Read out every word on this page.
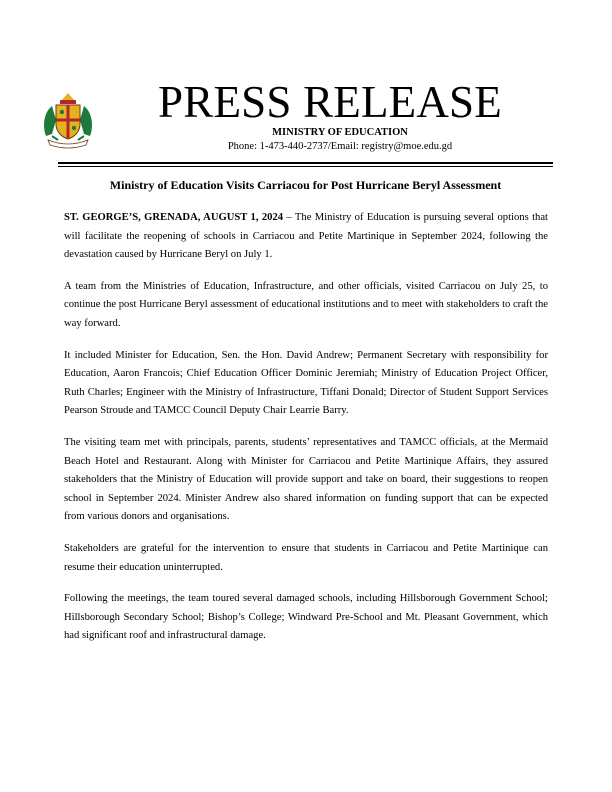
PRESS RELEASE
MINISTRY OF EDUCATION
Phone: 1-473-440-2737/Email: registry@moe.edu.gd
Ministry of Education Visits Carriacou for Post Hurricane Beryl Assessment

ST. GEORGE’S, GRENADA, AUGUST 1, 2024 – The Ministry of Education is pursuing several options that will facilitate the reopening of schools in Carriacou and Petite Martinique in September 2024, following the devastation caused by Hurricane Beryl on July 1.

A team from the Ministries of Education, Infrastructure, and other officials, visited Carriacou on July 25, to continue the post Hurricane Beryl assessment of educational institutions and to meet with stakeholders to craft the way forward.

It included Minister for Education, Sen. the Hon. David Andrew; Permanent Secretary with responsibility for Education, Aaron Francois; Chief Education Officer Dominic Jeremiah; Ministry of Education Project Officer, Ruth Charles; Engineer with the Ministry of Infrastructure, Tiffani Donald; Director of Student Support Services Pearson Stroude and TAMCC Council Deputy Chair Learrie Barry.

The visiting team met with principals, parents, students’ representatives and TAMCC officials, at the Mermaid Beach Hotel and Restaurant. Along with Minister for Carriacou and Petite Martinique Affairs, they assured stakeholders that the Ministry of Education will provide support and take on board, their suggestions to reopen school in September 2024. Minister Andrew also shared information on funding support that can be expected from various donors and organisations.

Stakeholders are grateful for the intervention to ensure that students in Carriacou and Petite Martinique can resume their education uninterrupted.

Following the meetings, the team toured several damaged schools, including Hillsborough Government School; Hillsborough Secondary School; Bishop’s College; Windward Pre-School and Mt. Pleasant Government, which had significant roof and infrastructural damage.
